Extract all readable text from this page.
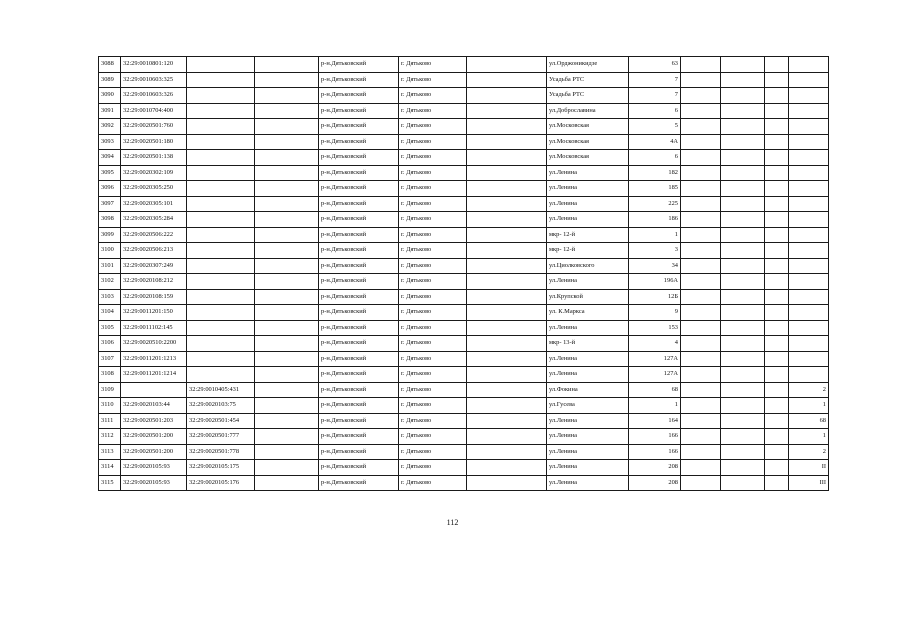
3088	32:29:0010801:120			р-н.Дятьковский	г. Дятьково		ул.Орджоникидзе	63				
3089	32:29:0010603:325			р-н.Дятьковский	г. Дятьково		Усадьба РТС	7				
3090	32:29:0010603:326			р-н.Дятьковский	г. Дятьково		Усадьба РТС	7				
3091	32:29:0010704:400			р-н.Дятьковский	г. Дятьково		ул.Доброславина	6				
3092	32:29:0020501:760			р-н.Дятьковский	г. Дятьково		ул.Московская	5				
3093	32:29:0020501:180			р-н.Дятьковский	г. Дятьково		ул.Московская	4А				
3094	32:29:0020501:138			р-н.Дятьковский	г. Дятьково		ул.Московская	6				
3095	32:29:0020302:109			р-н.Дятьковский	г. Дятьково		ул.Ленина	182				
3096	32:29:0020305:250			р-н.Дятьковский	г. Дятьково		ул.Ленина	185				
3097	32:29:0020305:101			р-н.Дятьковский	г. Дятьково		ул.Ленина	225				
3098	32:29:0020305:284			р-н.Дятьковский	г. Дятьково		ул.Ленина	186				
3099	32:29:0020506:222			р-н.Дятьковский	г. Дятьково		мкр- 12-й	1				
3100	32:29:0020506:213			р-н.Дятьковский	г. Дятьково		мкр- 12-й	3				
3101	32:29:0020307:249			р-н.Дятьковский	г. Дятьково		ул.Циолковского	34				
3102	32:29:0020108:212			р-н.Дятьковский	г. Дятьково		ул.Ленина	196А				
3103	32:29:0020108:159			р-н.Дятьковский	г. Дятьково		ул.Крупской	12Б				
3104	32:29:0011201:150			р-н.Дятьковский	г. Дятьково		ул. К.Маркса	9				
3105	32:29:0011102:145			р-н.Дятьковский	г. Дятьково		ул.Ленина	153				
3106	32:29:0020510:2200			р-н.Дятьковский	г. Дятьково		мкр- 13-й	4				
3107	32:29:0011201:1213			р-н.Дятьковский	г. Дятьково		ул.Ленина	127А				
3108	32:29:0011201:1214			р-н.Дятьковский	г. Дятьково		ул.Ленина	127А				
3109		32:29:0010405:431		р-н.Дятьковский	г. Дятьково		ул.Фокина	68				2
3110	32:29:0020103:44	32:29:0020103:75		р-н.Дятьковский	г. Дятьково		ул.Гусева	1				1
3111	32:29:0020501:203	32:29:0020501:454		р-н.Дятьковский	г. Дятьково		ул.Ленина	164				68
3112	32:29:0020501:200	32:29:0020501:777		р-н.Дятьковский	г. Дятьково		ул.Ленина	166				1
3113	32:29:0020501:200	32:29:0020501:778		р-н.Дятьковский	г. Дятьково		ул.Ленина	166				2
3114	32:29:0020105:93	32:29:0020105:175		р-н.Дятьковский	г. Дятьково		ул.Ленина	208				II
3115	32:29:0020105:93	32:29:0020105:176		р-н.Дятьковский	г. Дятьково		ул.Ленина	208				III
112
